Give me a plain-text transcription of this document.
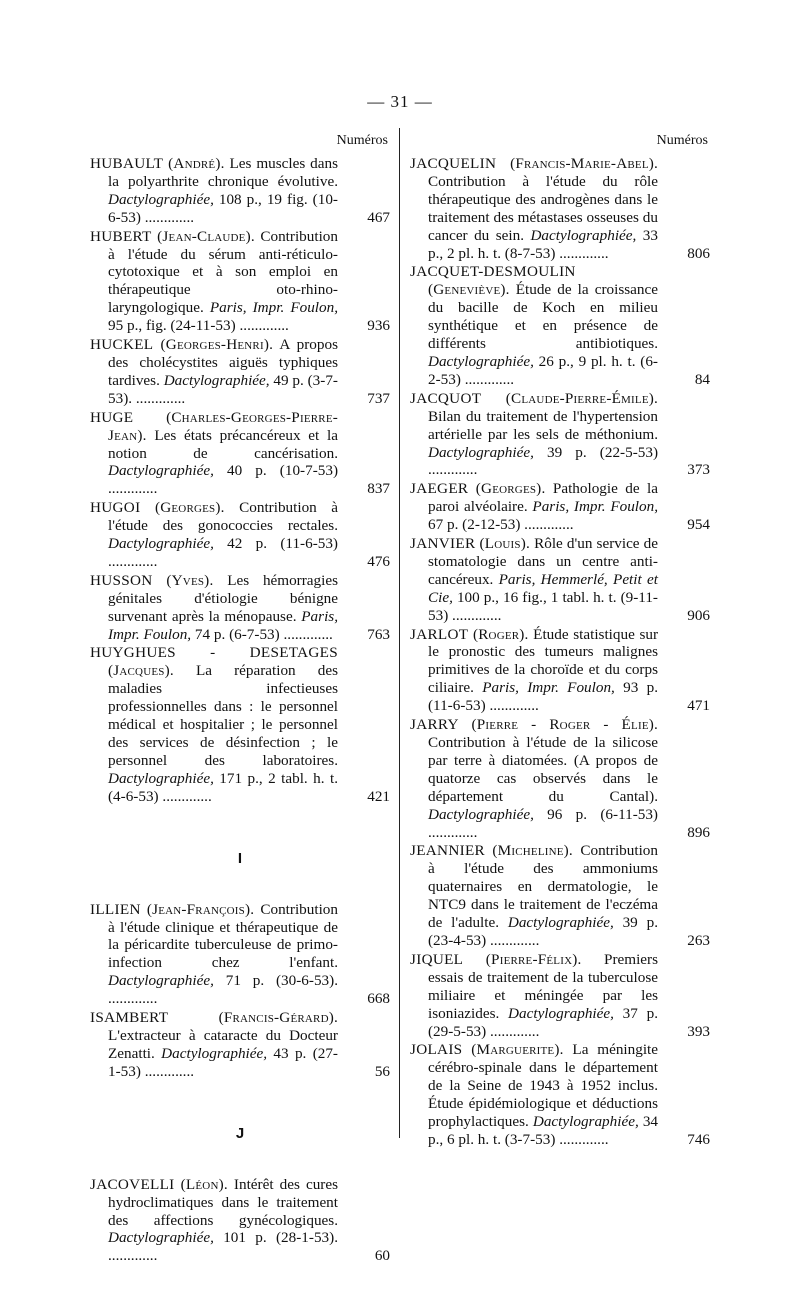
— 31 —
Numéros
HUBAULT (André). Les muscles dans la polyarthrite chronique évolutive. Dactylographiée, 108 p., 19 fig. (10-6-53) .............	467
HUBERT (Jean-Claude). Contribution à l'étude du sérum anti-réticulo-cytotoxique et à son emploi en thérapeutique oto-rhino-laryngologique. Paris, Impr. Foulon, 95 p., fig. (24-11-53) .............	936
HUCKEL (Georges-Henri). A propos des cholécystites aiguës typhiques tardives. Dactylographiée, 49 p. (3-7-53). .............	737
HUGE (Charles-Georges-Pierre-Jean). Les états précancéreux et la notion de cancérisation. Dactylographiée, 40 p. (10-7-53) .............	837
HUGOI (Georges). Contribution à l'étude des gonococcies rectales. Dactylographiée, 42 p. (11-6-53) .............	476
HUSSON (Yves). Les hémorragies génitales d'étiologie bénigne survenant après la ménopause. Paris, Impr. Foulon, 74 p. (6-7-53) .............	763
HUYGHUES - DESETAGES (Jacques). La réparation des maladies infectieuses professionnelles dans : le personnel médical et hospitalier ; le personnel des services de désinfection ; le personnel des laboratoires. Dactylographiée, 171 p., 2 tabl. h. t. (4-6-53) .............	421
I
ILLIEN (Jean-François). Contribution à l'étude clinique et thérapeutique de la péricardite tuberculeuse de primo-infection chez l'enfant. Dactylographiée, 71 p. (30-6-53). .............	668
ISAMBERT	(Francis-Gérard). L'extracteur à cataracte du Docteur Zenatti. Dactylographiée, 43 p. (27-1-53) .............	56
J
JACOVELLI (Léon). Intérêt des cures hydroclimatiques dans le traitement des affections gynécologiques. Dactylographiée, 101 p. (28-1-53). .............	60
Numéros
JACQUELIN (Francis-Marie-Abel). Contribution à l'étude du rôle thérapeutique des androgènes dans le traitement des métastases osseuses du cancer du sein. Dactylographiée, 33 p., 2 pl. h. t. (8-7-53) .............	806
JACQUET-DESMOULIN (Geneviève). Étude de la croissance du bacille de Koch en milieu synthétique et en présence de différents antibiotiques. Dactylographiée, 26 p., 9 pl. h. t. (6-2-53) .............	84
JACQUOT (Claude-Pierre-Émile). Bilan du traitement de l'hypertension artérielle par les sels de méthonium. Dactylographiée, 39 p. (22-5-53) .............	373
JAEGER (Georges). Pathologie de la paroi alvéolaire. Paris, Impr. Foulon, 67 p. (2-12-53) .............	954
JANVIER (Louis). Rôle d'un service de stomatologie dans un centre anti-cancéreux. Paris, Hemmerlé, Petit et Cie, 100 p., 16 fig., 1 tabl. h. t. (9-11-53) .............	906
JARLOT (Roger). Étude statistique sur le pronostic des tumeurs malignes primitives de la choroïde et du corps ciliaire. Paris, Impr. Foulon, 93 p. (11-6-53) .............	471
JARRY (Pierre - Roger - Élie). Contribution à l'étude de la silicose par terre à diatomées. (A propos de quatorze cas observés dans le département du Cantal). Dactylographiée, 96 p. (6-11-53) .............	896
JEANNIER (Micheline). Contribution à l'étude des ammoniums quaternaires en dermatologie, le NTC9 dans le traitement de l'eczéma de l'adulte. Dactylographiée, 39 p. (23-4-53) .............	263
JIQUEL (Pierre-Félix). Premiers essais de traitement de la tuberculose miliaire et méningée par les isoniazides. Dactylographiée, 37 p. (29-5-53) .............	393
JOLAIS (Marguerite). La méningite cérébro-spinale dans le département de la Seine de 1943 à 1952 inclus. Étude épidémiologique et déductions prophylactiques. Dactylographiée, 34 p., 6 pl. h. t. (3-7-53) .............	746
